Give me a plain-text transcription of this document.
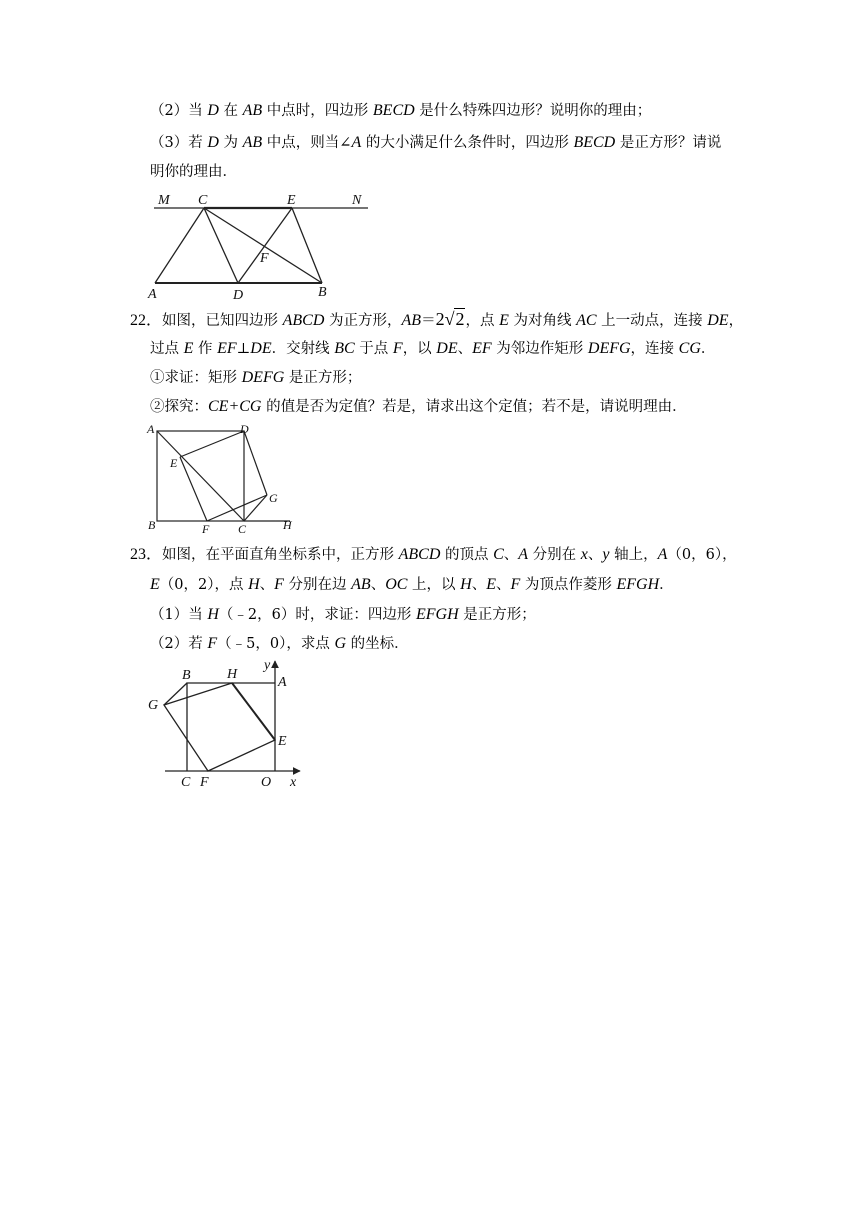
（2）当 D 在 AB 中点时，四边形 BECD 是什么特殊四边形？说明你的理由；
（3）若 D 为 AB 中点，则当∠A 的大小满足什么条件时，四边形 BECD 是正方形？请说
明你的理由．
M C	E	N
F
A	D	B
22．如图，已知四边形 ABCD 为正方形，AB＝2√2，点 E 为对角线 AC 上一动点，连接 DE，
过点 E 作 EF⊥DE．交射线 BC 于点 F，以 DE、EF 为邻边作矩形 DEFG，连接 CG．
①求证：矩形 DEFG 是正方形；
②探究：CE+CG 的值是否为定值？若是，请求出这个定值；若不是，请说明理由．
A	D
E
G
B	F C	H
23．如图，在平面直角坐标系中，正方形 ABCD 的顶点 C、A 分别在 x、y 轴上，A（0，6），
E（0，2），点 H、F 分别在边 AB、OC 上，以 H、E、F 为顶点作菱形 EFGH．
（1）当 H（﹣2，6）时，求证：四边形 EFGH 是正方形；
（2）若 F（﹣5，0），求点 G 的坐标．
B	H
y
A
G
E
C F	O x
